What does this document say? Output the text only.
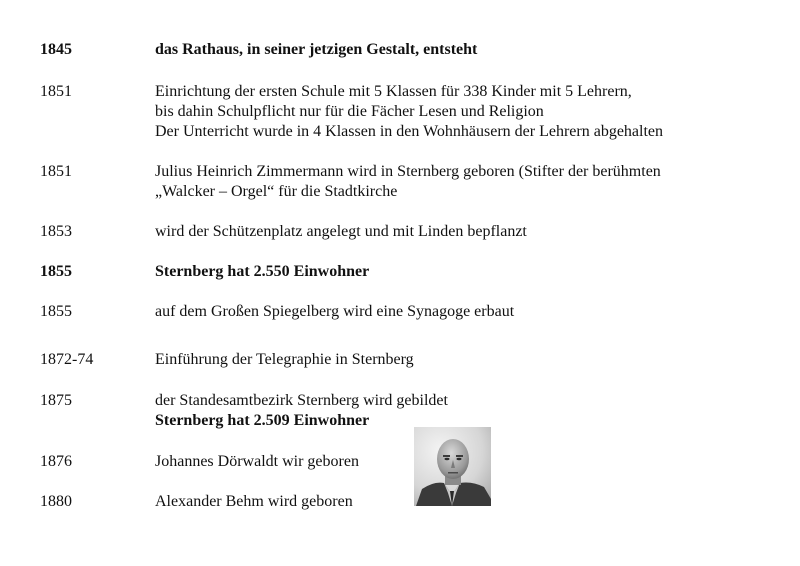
1845	das Rathaus, in seiner jetzigen Gestalt, entsteht
1851	Einrichtung der ersten Schule mit 5 Klassen für 338 Kinder mit 5 Lehrern,
bis dahin Schulpflicht nur für die Fächer Lesen und Religion
Der Unterricht wurde in 4 Klassen in den Wohnhäusern der Lehrern abgehalten
1851	Julius Heinrich Zimmermann wird in Sternberg geboren (Stifter der berühmten
„Walcker – Orgel“ für die Stadtkirche
1853	wird der Schützenplatz angelegt und mit Linden bepflanzt
1855	Sternberg hat 2.550 Einwohner
1855	auf dem Großen Spiegelberg wird eine Synagoge erbaut
1872-74	Einführung der Telegraphie in Sternberg
1875	der Standesamtbezirk Sternberg wird gebildet
Sternberg hat 2.509 Einwohner
1876	Johannes Dörwaldt wir geboren
1880	Alexander Behm wird geboren
